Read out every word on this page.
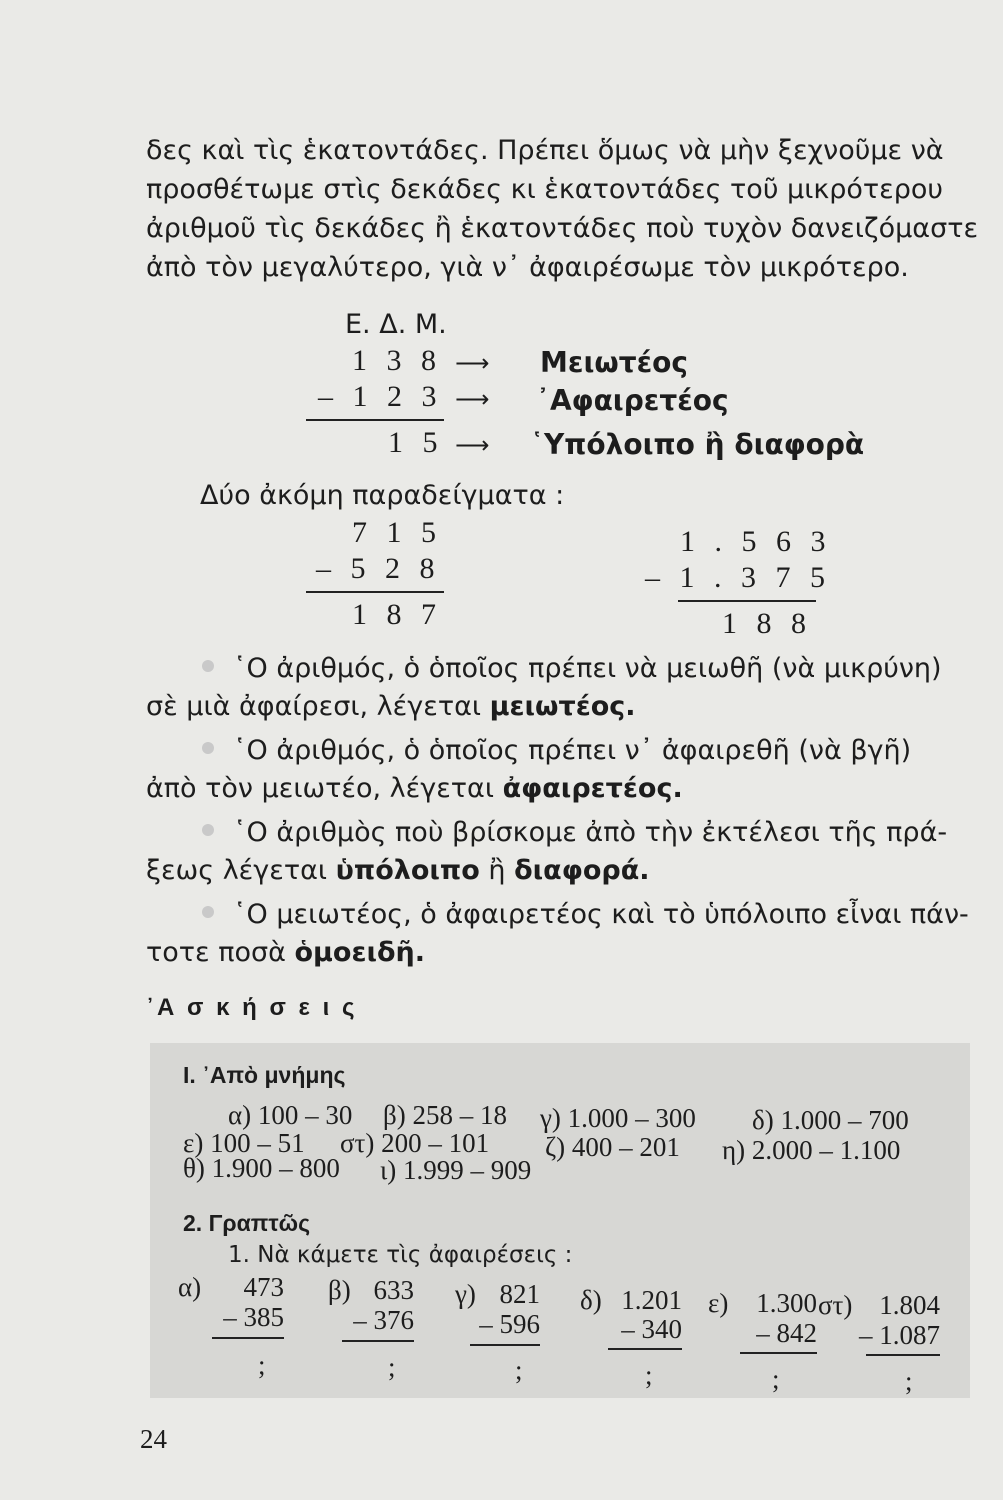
δες καὶ τὶς ἑκατοντάδες. Πρέπει ὅμως νὰ μὴν ξεχνοῦμε νὰ
προσθέτωμε στὶς δεκάδες κι ἑκατοντάδες τοῦ μικρότερου
ἀριθμοῦ τὶς δεκάδες ἢ ἑκατοντάδες ποὺ τυχὸν δανειζόμαστε
ἀπὸ τὸν μεγαλύτερο, γιὰ ν᾿ ἀφαιρέσωμε τὸν μικρότερο.
Ε. Δ. Μ.
1 3 8
– 1 2 3
1 5
⟶
⟶
⟶
Μειωτέος
᾿Αφαιρετέος
῾Υπόλοιπο ἢ διαφορὰ
Δύο ἀκόμη παραδείγματα :
7 1 5
– 5 2 8
1 8 7
1 . 5 6 3
– 1 . 3 7 5
1 8 8
῾Ο ἀριθμός, ὁ ὁποῖος πρέπει νὰ μειωθῆ (νὰ μικρύνη)
σὲ μιὰ ἀφαίρεσι, λέγεται μειωτέος.
῾Ο ἀριθμός, ὁ ὁποῖος πρέπει ν᾿ ἀφαιρεθῆ (νὰ βγῆ)
ἀπὸ τὸν μειωτέο, λέγεται ἀφαιρετέος.
῾Ο ἀριθμὸς ποὺ βρίσκομε ἀπὸ τὴν ἐκτέλεσι τῆς πρά-
ξεως λέγεται ὑπόλοιπο ἢ διαφορά.
῾Ο μειωτέος, ὁ ἀφαιρετέος καὶ τὸ ὑπόλοιπο εἶναι πάν-
τοτε ποσὰ ὁμοειδῆ.
᾿Α σ κ ή σ ε ι ς
Ι. ᾿Απὸ μνήμης
α) 100 – 30 β) 258 – 18 γ) 1.000 – 300 δ) 1.000 – 700
ε) 100 – 51 στ) 200 – 101 ζ) 400 – 201 η) 2.000 – 1.100
θ) 1.900 – 800 ι) 1.999 – 909
2. Γραπτῶς
1. Νὰ κάμετε τὶς ἀφαιρέσεις :
α)	473
– 385
;
β) 633
– 376
;
γ) 821
– 596
;
δ) 1.201
– 340
;
ε)	1.300
– 842
;
στ) 1.804
– 1.087
;
24
